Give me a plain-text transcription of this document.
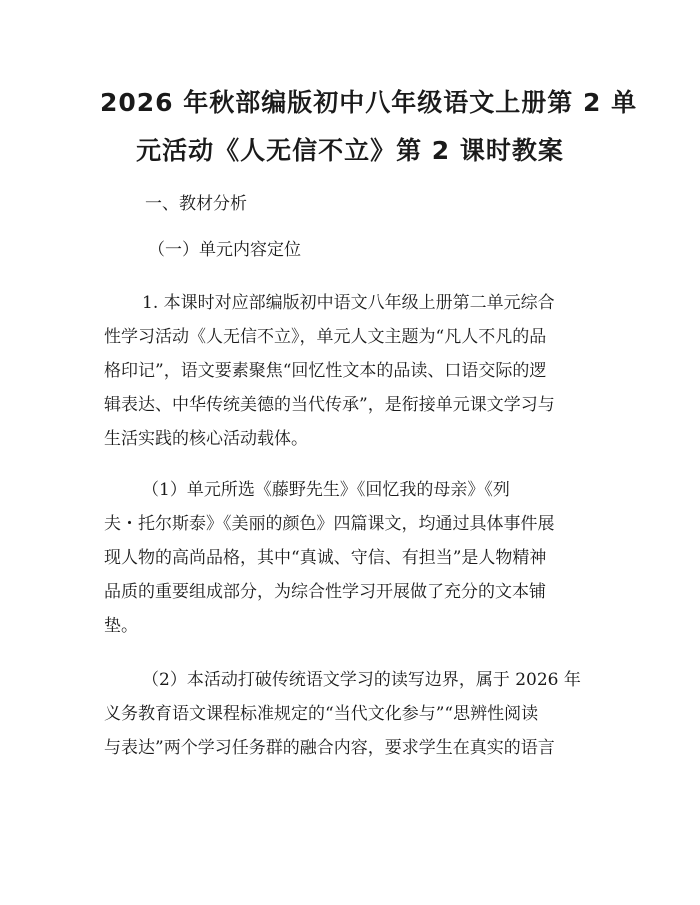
2026 年秋部编版初中八年级语文上册第 2 单
元活动《人无信不立》第 2 课时教案
一、教材分析
（一）单元内容定位
1. 本课时对应部编版初中语文八年级上册第二单元综合
性学习活动《人无信不立》，单元人文主题为“凡人不凡的品
格印记”，语文要素聚焦“回忆性文本的品读、口语交际的逻
辑表达、中华传统美德的当代传承”，是衔接单元课文学习与
生活实践的核心活动载体。
（1）单元所选《藤野先生》《回忆我的母亲》《列
夫・托尔斯泰》《美丽的颜色》四篇课文，均通过具体事件展
现人物的高尚品格，其中“真诚、守信、有担当”是人物精神
品质的重要组成部分，为综合性学习开展做了充分的文本铺
垫。
（2）本活动打破传统语文学习的读写边界，属于 2026 年
义务教育语文课程标准规定的“当代文化参与”“思辨性阅读
与表达”两个学习任务群的融合内容，要求学生在真实的语言
